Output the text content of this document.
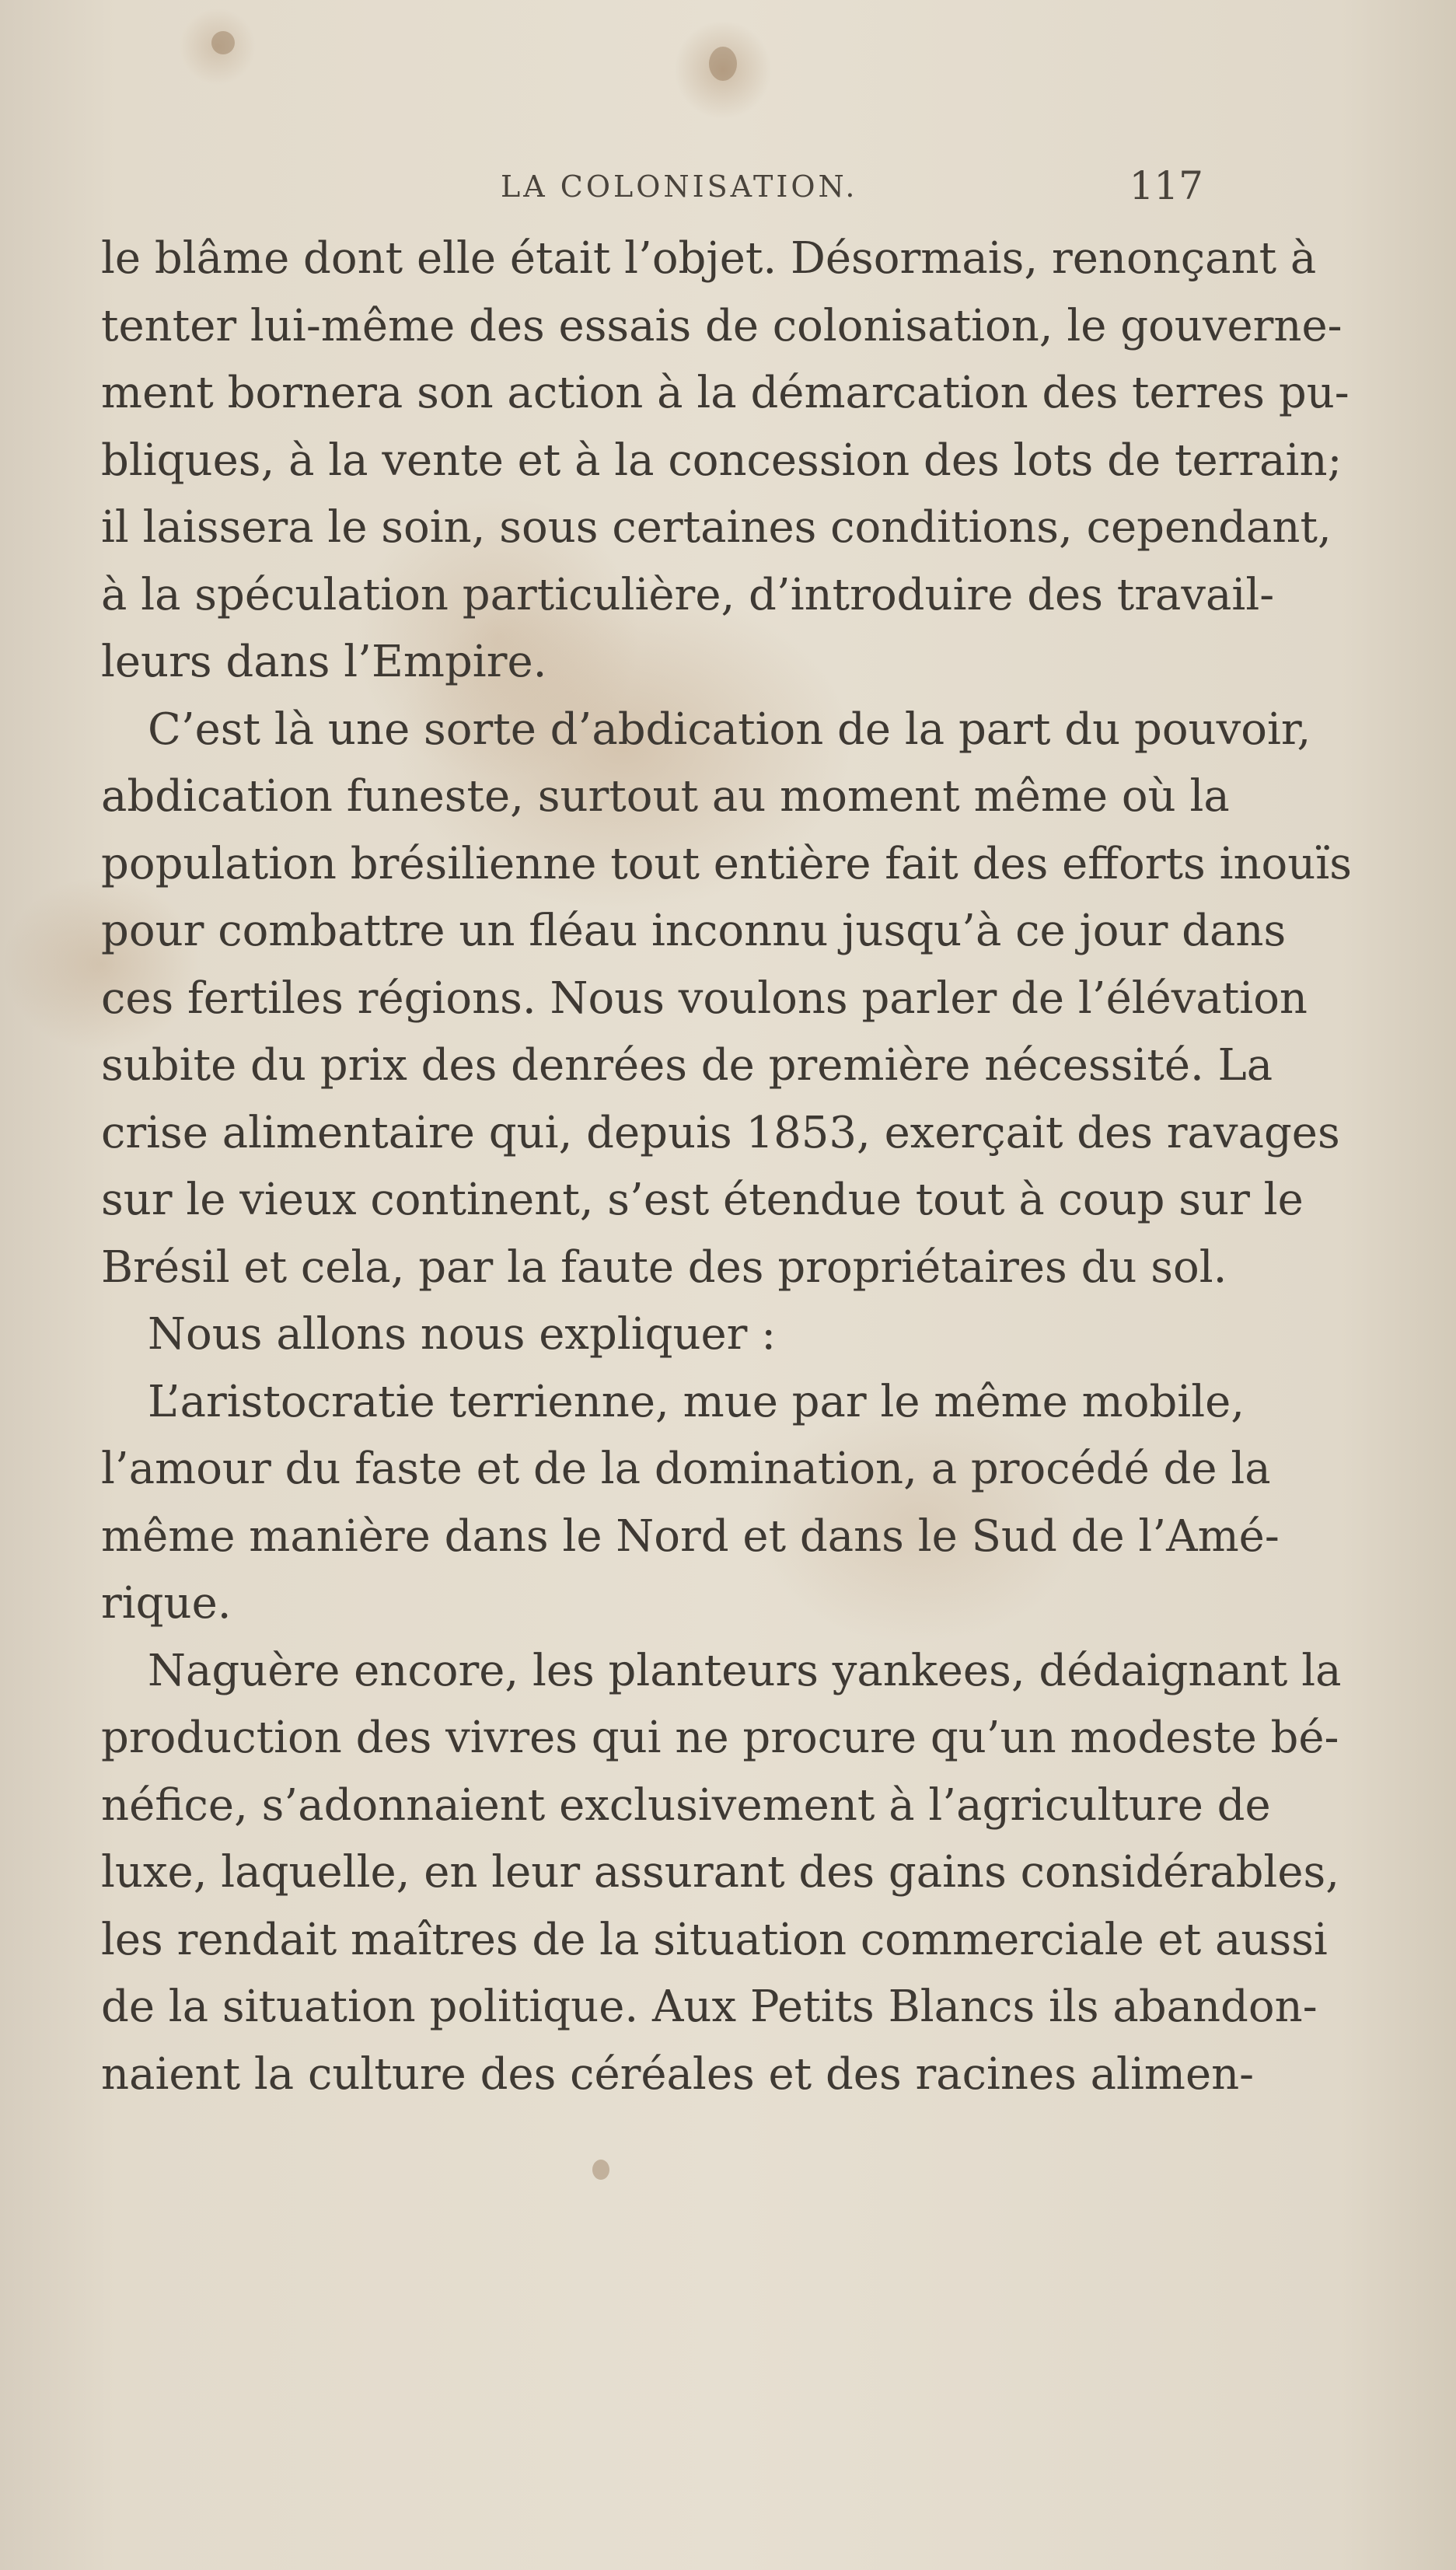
LA COLONISATION.	117
le blâme dont elle était l’objet. Désormais, renonçant à
tenter lui-même des essais de colonisation, le gouverne-
ment bornera son action à la démarcation des terres pu-
bliques, à la vente et à la concession des lots de terrain;
il laissera le soin, sous certaines conditions, cependant,
à la spéculation particulière, d’introduire des travail-
leurs dans l’Empire.
C’est là une sorte d’abdication de la part du pouvoir,
abdication funeste, surtout au moment même où la
population brésilienne tout entière fait des efforts inouïs
pour combattre un fléau inconnu jusqu’à ce jour dans
ces fertiles régions. Nous voulons parler de l’élévation
subite du prix des denrées de première nécessité. La
crise alimentaire qui, depuis 1853, exerçait des ravages
sur le vieux continent, s’est étendue tout à coup sur le
Brésil et cela, par la faute des propriétaires du sol.
Nous allons nous expliquer :
L’aristocratie terrienne, mue par le même mobile,
l’amour du faste et de la domination, a procédé de la
même manière dans le Nord et dans le Sud de l’Amé-
rique.
Naguère encore, les planteurs yankees, dédaignant la
production des vivres qui ne procure qu’un modeste bé-
néfice, s’adonnaient exclusivement à l’agriculture de
luxe, laquelle, en leur assurant des gains considérables,
les rendait maîtres de la situation commerciale et aussi
de la situation politique. Aux Petits Blancs ils abandon-
naient la culture des céréales et des racines alimen-
